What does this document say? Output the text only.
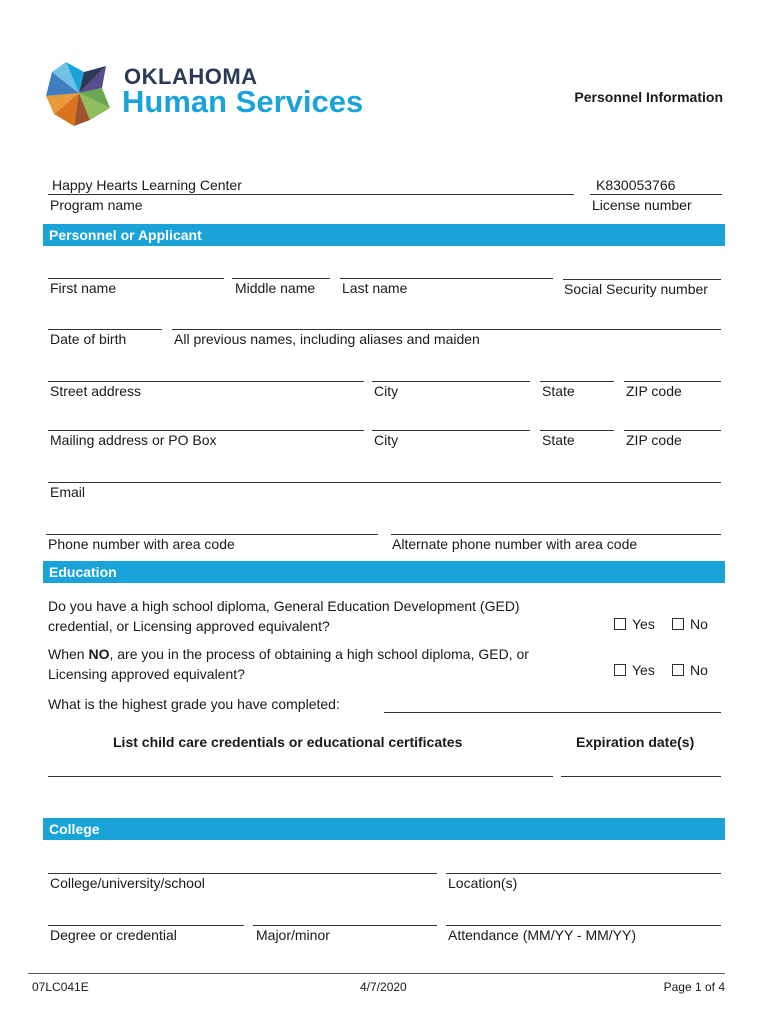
OKLAHOMA
Human Services	Personnel Information
Happy Hearts Learning Center
Program name
K830053766	License number
Personnel or Applicant
First name	Middle name Last name	Social Security number
Date of birth	All previous names, including aliases and maiden
Street address	City	State	ZIP code
Mailing address or PO Box	City	State	ZIP code
Email
Phone number with area code	Alternate phone number with area code
Education
Do you have a high school diploma, General Education Development (GED)
credential, or Licensing approved equivalent?	Yes	No
When NO, are you in the process of obtaining a high school diploma, GED, or
Licensing approved equivalent?	Yes	No
What is the highest grade you have completed:
List child care credentials or educational certificates	Expiration date(s)
College
College/university/school	Location(s)
Degree or credential	Major/minor	Attendance (MM/YY - MM/YY)
07LC041E	4/7/2020	Page 1 of 4
